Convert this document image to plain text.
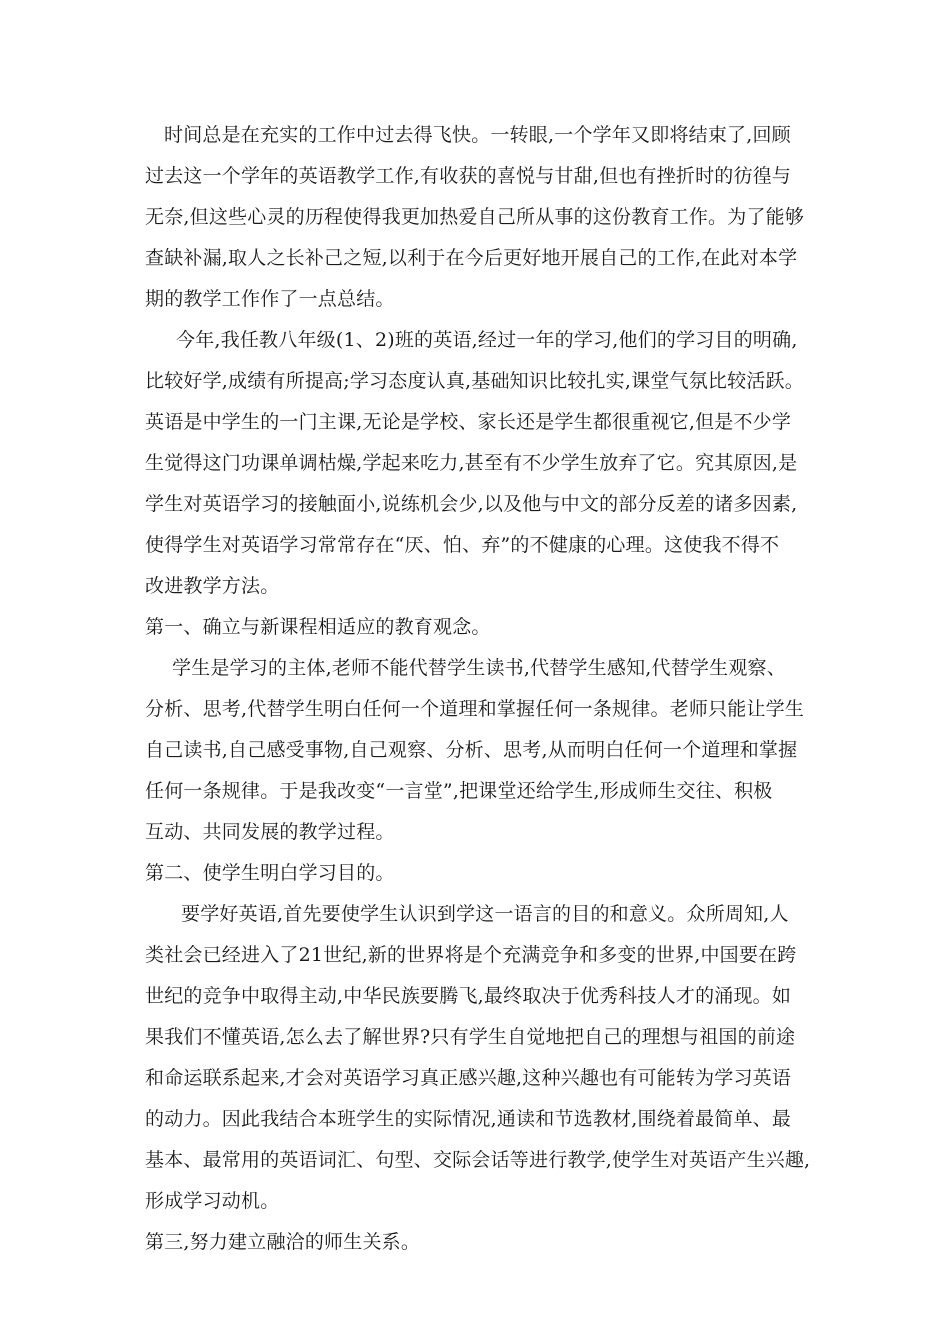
时间总是在充实的工作中过去得飞快。一转眼,一个学年又即将结束了,回顾
过去这一个学年的英语教学工作,有收获的喜悦与甘甜,但也有挫折时的彷徨与
无奈,但这些心灵的历程使得我更加热爱自己所从事的这份教育工作。为了能够
查缺补漏,取人之长补己之短,以利于在今后更好地开展自己的工作,在此对本学
期的教学工作作了一点总结。
今年,我任教八年级(1、2)班的英语,经过一年的学习,他们的学习目的明确,
比较好学,成绩有所提高;学习态度认真,基础知识比较扎实,课堂气氛比较活跃。
英语是中学生的一门主课,无论是学校、家长还是学生都很重视它,但是不少学
生觉得这门功课单调枯燥,学起来吃力,甚至有不少学生放弃了它。究其原因,是
学生对英语学习的接触面小,说练机会少,以及他与中文的部分反差的诸多因素,
使得学生对英语学习常常存在“厌、怕、弃”的不健康的心理。这使我不得不
改进教学方法。
第一、确立与新课程相适应的教育观念。
学生是学习的主体,老师不能代替学生读书,代替学生感知,代替学生观察、
分析、思考,代替学生明白任何一个道理和掌握任何一条规律。老师只能让学生
自己读书,自己感受事物,自己观察、分析、思考,从而明白任何一个道理和掌握
任何一条规律。于是我改变“一言堂”,把课堂还给学生,形成师生交往、积极
互动、共同发展的教学过程。
第二、使学生明白学习目的。
要学好英语,首先要使学生认识到学这一语言的目的和意义。众所周知,人
类社会已经进入了21世纪,新的世界将是个充满竞争和多变的世界,中国要在跨
世纪的竞争中取得主动,中华民族要腾飞,最终取决于优秀科技人才的涌现。如
果我们不懂英语,怎么去了解世界?只有学生自觉地把自己的理想与祖国的前途
和命运联系起来,才会对英语学习真正感兴趣,这种兴趣也有可能转为学习英语
的动力。因此我结合本班学生的实际情况,通读和节选教材,围绕着最简单、最
基本、最常用的英语词汇、句型、交际会话等进行教学,使学生对英语产生兴趣,
形成学习动机。
第三,努力建立融洽的师生关系。
